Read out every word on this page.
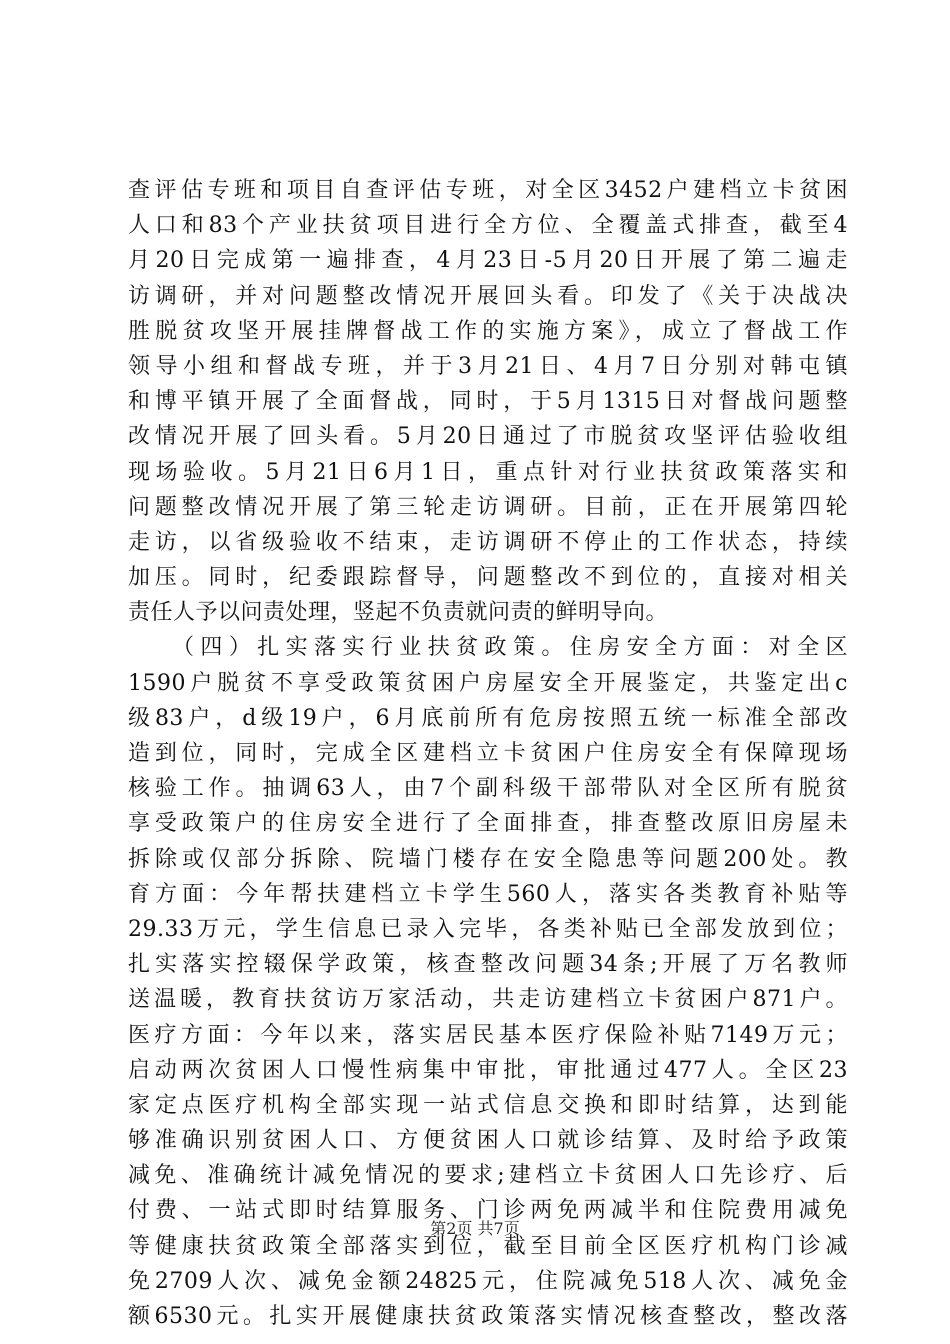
查评估专班和项目自查评估专班，对全区3452户建档立卡贫困
人口和83个产业扶贫项目进行全方位、全覆盖式排查，截至4
月20日完成第一遍排查，4月23日-5月20日开展了第二遍走
访调研，并对问题整改情况开展回头看。印发了《关于决战决
胜脱贫攻坚开展挂牌督战工作的实施方案》，成立了督战工作
领导小组和督战专班，并于3月21日、4月7日分别对韩屯镇
和博平镇开展了全面督战，同时，于5月1315日对督战问题整
改情况开展了回头看。5月20日通过了市脱贫攻坚评估验收组
现场验收。5月21日6月1日，重点针对行业扶贫政策落实和
问题整改情况开展了第三轮走访调研。目前，正在开展第四轮
走访，以省级验收不结束，走访调研不停止的工作状态，持续
加压。同时，纪委跟踪督导，问题整改不到位的，直接对相关
责任人予以问责处理，竖起不负责就问责的鲜明导向。
（四）扎实落实行业扶贫政策。住房安全方面：对全区
1590户脱贫不享受政策贫困户房屋安全开展鉴定，共鉴定出c
级83户，d级19户，6月底前所有危房按照五统一标准全部改
造到位，同时，完成全区建档立卡贫困户住房安全有保障现场
核验工作。抽调63人，由7个副科级干部带队对全区所有脱贫
享受政策户的住房安全进行了全面排查，排查整改原旧房屋未
拆除或仅部分拆除、院墙门楼存在安全隐患等问题200处。教
育方面：今年帮扶建档立卡学生560人，落实各类教育补贴等
29.33万元，学生信息已录入完毕，各类补贴已全部发放到位；
扎实落实控辍保学政策，核查整改问题34条;开展了万名教师
送温暖，教育扶贫访万家活动，共走访建档立卡贫困户871户。
医疗方面：今年以来，落实居民基本医疗保险补贴7149万元；
启动两次贫困人口慢性病集中审批，审批通过477人。全区23
家定点医疗机构全部实现一站式信息交换和即时结算，达到能
够准确识别贫困人口、方便贫困人口就诊结算、及时给予政策
减免、准确统计减免情况的要求;建档立卡贫困人口先诊疗、后
付费、一站式即时结算服务、门诊两免两减半和住院费用减免
等健康扶贫政策全部落实到位，截至目前全区医疗机构门诊减
免2709人次、减免金额24825元，住院减免518人次、减免金
额6530元。扎实开展健康扶贫政策落实情况核查整改，整改落
第2页 共7页
